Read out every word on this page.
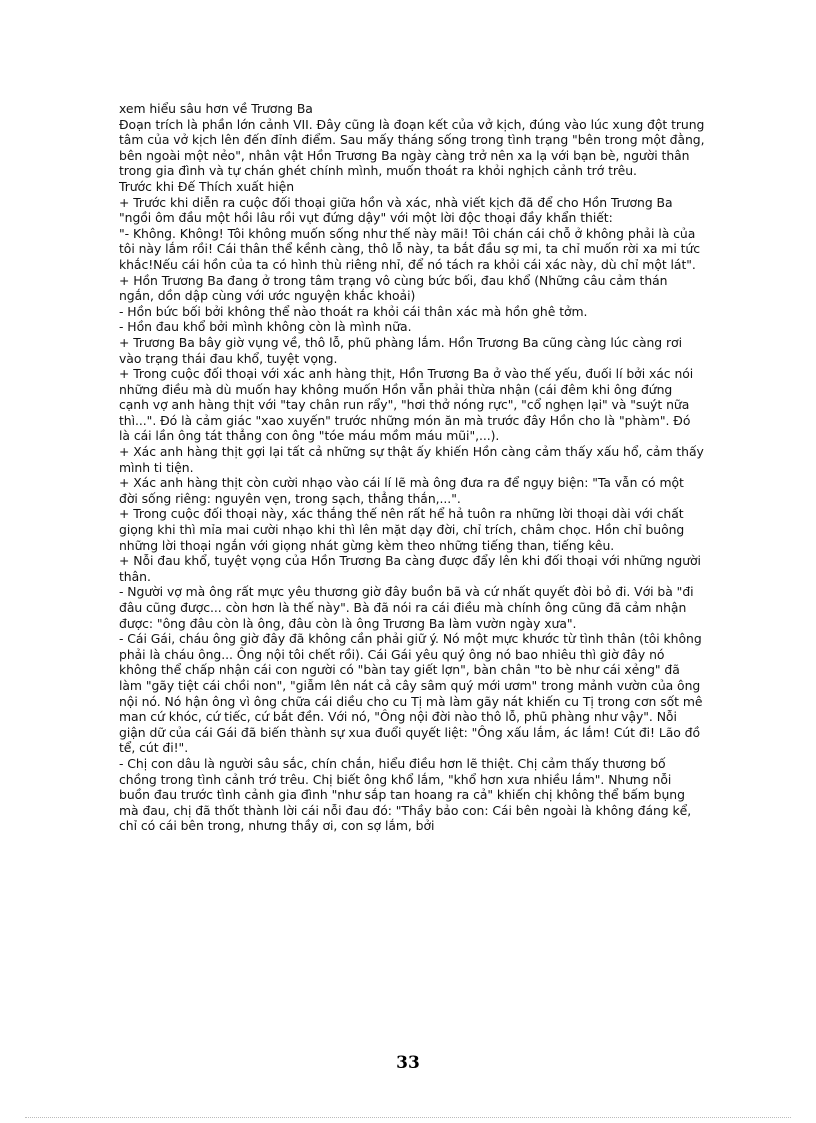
xem hiểu sâu hơn về Trương Ba

Đoạn trích là phần lớn cảnh VII. Đây cũng là đoạn kết của vở kịch, đúng vào lúc xung đột trung tâm của vở kịch lên đến đỉnh điểm. Sau mấy tháng sống trong tình trạng "bên trong một đằng, bên ngoài một nẻo", nhân vật Hồn Trương Ba ngày càng trở nên xa lạ với bạn bè, người thân trong gia đình và tự chán ghét chính mình, muốn thoát ra khỏi nghịch cảnh trớ trêu.

Trước khi Đế Thích xuất hiện

+ Trước khi diễn ra cuộc đối thoại giữa hồn và xác, nhà viết kịch đã để cho Hồn Trương Ba "ngồi ôm đầu một hồi lâu rồi vụt đứng dậy" với một lời độc thoại đầy khẩn thiết:

"- Không. Không! Tôi không muốn sống như thế này mãi! Tôi chán cái chỗ ở không phải là của tôi này lắm rồi! Cái thân thể kềnh càng, thô lỗ này, ta bắt đầu sợ mi, ta chỉ muốn rời xa mi tức khắc!Nếu cái hồn của ta có hình thù riêng nhỉ, để nó tách ra khỏi cái xác này, dù chỉ một lát".

+ Hồn Trương Ba đang ở trong tâm trạng vô cùng bức bối, đau khổ (Những câu cảm thán ngắn, dồn dập cùng với ước nguyện khắc khoải)

- Hồn bức bối bởi không thể nào thoát ra khỏi cái thân xác mà hồn ghê tởm.

- Hồn đau khổ bởi mình không còn là mình nữa.

+ Trương Ba bây giờ vụng về, thô lỗ, phũ phàng lắm. Hồn Trương Ba cũng càng lúc càng rơi vào trạng thái đau khổ, tuyệt vọng.

+ Trong cuộc đối thoại với xác anh hàng thịt, Hồn Trương Ba ở vào thế yếu, đuối lí bởi xác nói những điều mà dù muốn hay không muốn Hồn vẫn phải thừa nhận (cái đêm khi ông đứng cạnh vợ anh hàng thịt với "tay chân run rẩy", "hơi thở nóng rực", "cổ nghẹn lại" và "suýt nữa thì...". Đó là cảm giác "xao xuyến" trước những món ăn mà trước đây Hồn cho là "phàm". Đó là cái lần ông tát thẳng con ông "tóe máu mồm máu mũi",...).

+ Xác anh hàng thịt gợi lại tất cả những sự thật ấy khiến Hồn càng cảm thấy xấu hổ, cảm thấy mình ti tiện.

+ Xác anh hàng thịt còn cười nhạo vào cái lí lẽ mà ông đưa ra để ngụy biện: "Ta vẫn có một đời sống riêng: nguyên vẹn, trong sạch, thẳng thắn,...".

+ Trong cuộc đối thoại này, xác thắng thế nên rất hể hả tuôn ra những lời thoại dài với chất giọng khi thì mỉa mai cười nhạo khi thì lên mặt dạy đời, chỉ trích, châm chọc. Hồn chỉ buông những lời thoại ngắn với giọng nhát gừng kèm theo những tiếng than, tiếng kêu.

+ Nỗi đau khổ, tuyệt vọng của Hồn Trương Ba càng được đẩy lên khi đối thoại với những người thân.

- Người vợ mà ông rất mực yêu thương giờ đây buồn bã và cứ nhất quyết đòi bỏ đi. Với bà "đi đâu cũng được... còn hơn là thế này". Bà đã nói ra cái điều mà chính ông cũng đã cảm nhận được: "ông đâu còn là ông, đâu còn là ông Trương Ba làm vườn ngày xưa".

- Cái Gái, cháu ông giờ đây đã không cần phải giữ ý. Nó một mực khước từ tình thân (tôi không phải là cháu ông... Ông nội tôi chết rồi). Cái Gái yêu quý ông nó bao nhiêu thì giờ đây nó không thể chấp nhận cái con người có "bàn tay giết lợn", bàn chân "to bè như cái xẻng" đã làm "gãy tiệt cái chồi non", "giẫm lên nát cả cây sâm quý mới ươm" trong mảnh vườn của ông nội nó. Nó hận ông vì ông chữa cái diều cho cu Tị mà làm gãy nát khiến cu Tị trong cơn sốt mê man cứ khóc, cứ tiếc, cứ bắt đền. Với nó, "Ông nội đời nào thô lỗ, phũ phàng như vậy". Nỗi giận dữ của cái Gái đã biến thành sự xua đuổi quyết liệt: "Ông xấu lắm, ác lắm! Cút đi! Lão đồ tể, cút đi!".

- Chị con dâu là người sâu sắc, chín chắn, hiểu điều hơn lẽ thiệt. Chị cảm thấy thương bố chồng trong tình cảnh trớ trêu. Chị biết ông khổ lắm, "khổ hơn xưa nhiều lắm". Nhưng nỗi buồn đau trước tình cảnh gia đình "như sắp tan hoang ra cả" khiến chị không thể bấm bụng mà đau, chị đã thốt thành lời cái nỗi đau đó: "Thầy bảo con: Cái bên ngoài là không đáng kể, chỉ có cái bên trong, nhưng thầy ơi, con sợ lắm, bởi

33
